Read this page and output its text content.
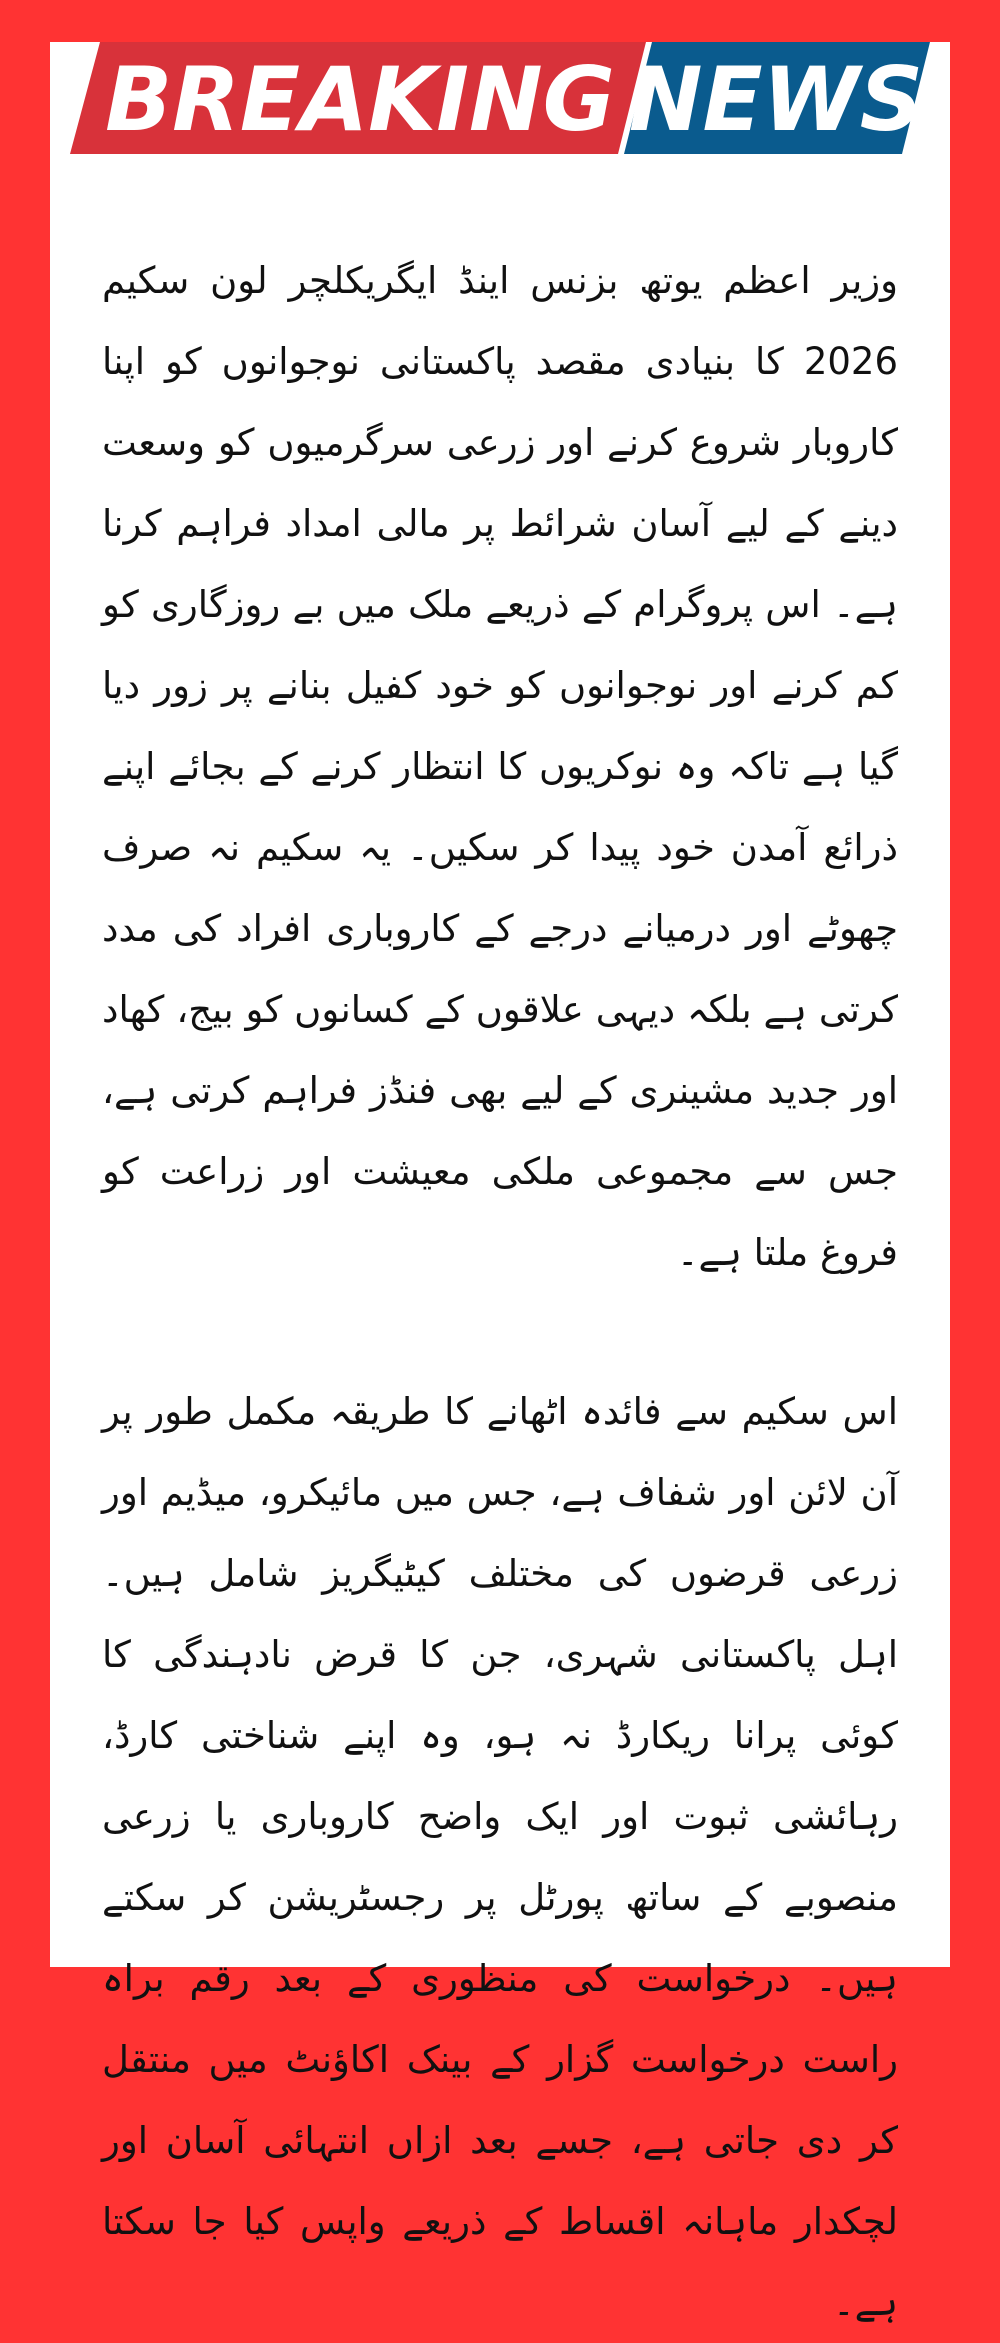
BREAKING NEWS

وزیر اعظم یوتھ بزنس اینڈ ایگریکلچر لون سکیم 2026 کا بنیادی مقصد پاکستانی نوجوانوں کو اپنا کاروبار شروع کرنے اور زرعی سرگرمیوں کو وسعت دینے کے لیے آسان شرائط پر مالی امداد فراہم کرنا ہے۔ اس پروگرام کے ذریعے ملک میں بے روزگاری کو کم کرنے اور نوجوانوں کو خود کفیل بنانے پر زور دیا گیا ہے تاکہ وہ نوکریوں کا انتظار کرنے کے بجائے اپنے ذرائع آمدن خود پیدا کر سکیں۔ یہ سکیم نہ صرف چھوٹے اور درمیانے درجے کے کاروباری افراد کی مدد کرتی ہے بلکہ دیہی علاقوں کے کسانوں کو بیج، کھاد اور جدید مشینری کے لیے بھی فنڈز فراہم کرتی ہے، جس سے مجموعی ملکی معیشت اور زراعت کو فروغ ملتا ہے۔

اس سکیم سے فائدہ اٹھانے کا طریقہ مکمل طور پر آن لائن اور شفاف ہے، جس میں مائیکرو، میڈیم اور زرعی قرضوں کی مختلف کیٹیگریز شامل ہیں۔ اہل پاکستانی شہری، جن کا قرض نادہندگی کا کوئی پرانا ریکارڈ نہ ہو، وہ اپنے شناختی کارڈ، رہائشی ثبوت اور ایک واضح کاروباری یا زرعی منصوبے کے ساتھ پورٹل پر رجسٹریشن کر سکتے ہیں۔ درخواست کی منظوری کے بعد رقم براہ راست درخواست گزار کے بینک اکاؤنٹ میں منتقل کر دی جاتی ہے، جسے بعد ازاں انتہائی آسان اور لچکدار ماہانہ اقساط کے ذریعے واپس کیا جا سکتا ہے۔
